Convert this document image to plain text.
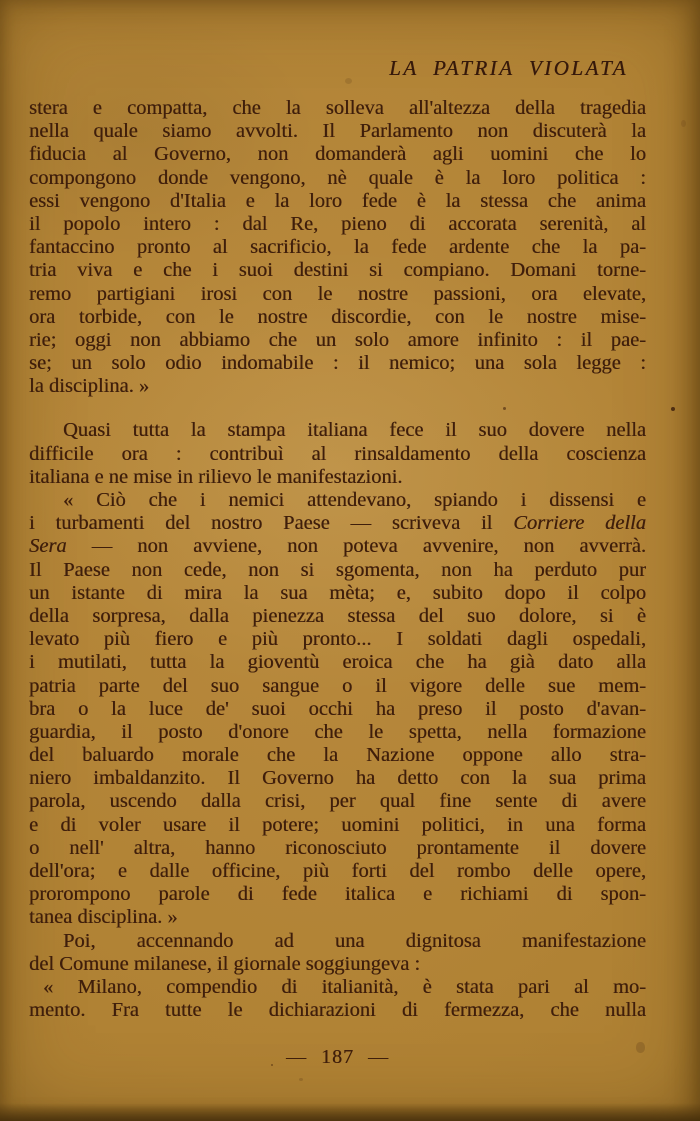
LA PATRIA VIOLATA
stera e compatta, che la solleva all'altezza della tragedia
nella quale siamo avvolti. Il Parlamento non discuterà la
fiducia al Governo, non domanderà agli uomini che lo
compongono donde vengono, nè quale è la loro politica :
essi vengono d'Italia e la loro fede è la stessa che anima
il popolo intero : dal Re, pieno di accorata serenità, al
fantaccino pronto al sacrificio, la fede ardente che la pa-
tria viva e che i suoi destini si compiano. Domani torne-
remo partigiani irosi con le nostre passioni, ora elevate,
ora torbide, con le nostre discordie, con le nostre mise-
rie; oggi non abbiamo che un solo amore infinito : il pae-
se; un solo odio indomabile : il nemico; una sola legge :
la disciplina. »
Quasi tutta la stampa italiana fece il suo dovere nella
difficile ora : contribuì al rinsaldamento della coscienza
italiana e ne mise in rilievo le manifestazioni.
« Ciò che i nemici attendevano, spiando i dissensi e
i turbamenti del nostro Paese — scriveva il Corriere della
Sera — non avviene, non poteva avvenire, non avverrà.
Il Paese non cede, non si sgomenta, non ha perduto pur
un istante di mira la sua mèta; e, subito dopo il colpo
della sorpresa, dalla pienezza stessa del suo dolore, si è
levato più fiero e più pronto... I soldati dagli ospedali,
i mutilati, tutta la gioventù eroica che ha già dato alla
patria parte del suo sangue o il vigore delle sue mem-
bra o la luce de' suoi occhi ha preso il posto d'avan-
guardia, il posto d'onore che le spetta, nella formazione
del baluardo morale che la Nazione oppone allo stra-
niero imbaldanzito. Il Governo ha detto con la sua prima
parola, uscendo dalla crisi, per qual fine sente di avere
e di voler usare il potere; uomini politici, in una forma
o nell' altra, hanno riconosciuto prontamente il dovere
dell'ora; e dalle officine, più forti del rombo delle opere,
prorompono parole di fede italica e richiami di spon-
tanea disciplina. »
Poi, accennando ad una dignitosa manifestazione
del Comune milanese, il giornale soggiungeva :
« Milano, compendio di italianità, è stata pari al mo-
mento. Fra tutte le dichiarazioni di fermezza, che nulla
— 187 —
